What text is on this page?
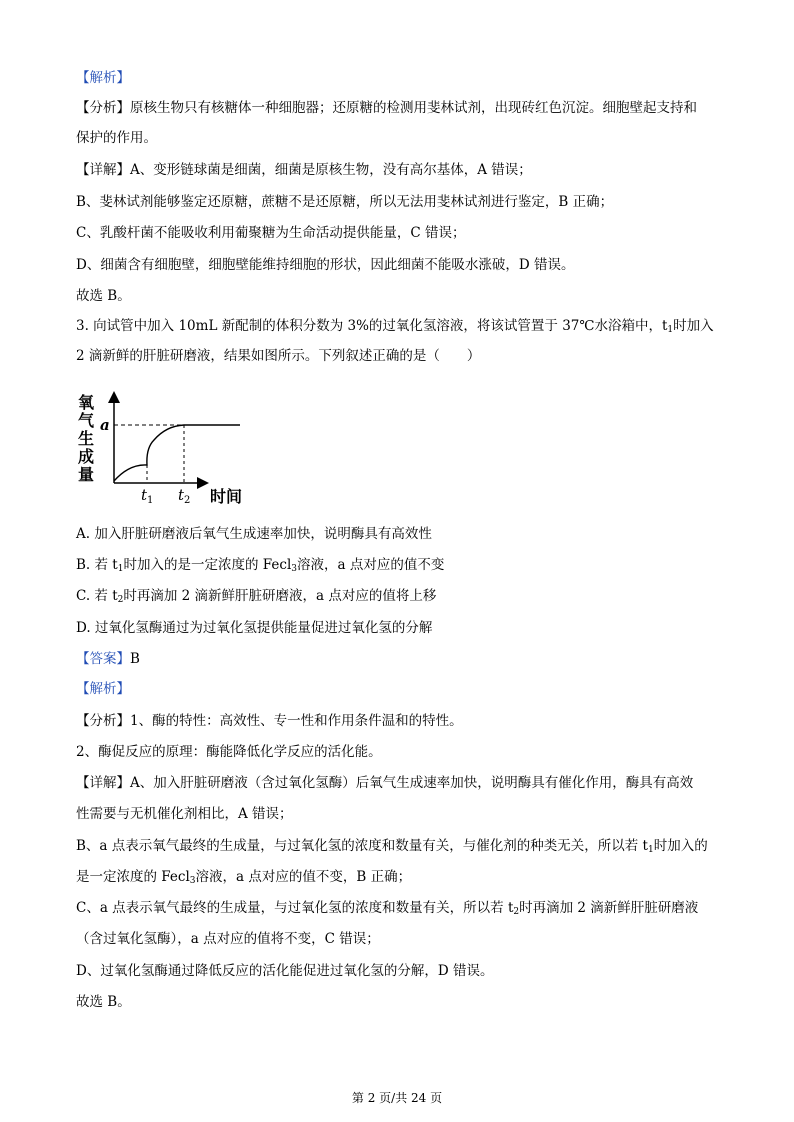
【解析】
【分析】原核生物只有核糖体一种细胞器；还原糖的检测用斐林试剂，出现砖红色沉淀。细胞壁起支持和
保护的作用。
【详解】A、变形链球菌是细菌，细菌是原核生物，没有高尔基体，A 错误；
B、斐林试剂能够鉴定还原糖，蔗糖不是还原糖，所以无法用斐林试剂进行鉴定，B 正确；
C、乳酸杆菌不能吸收利用葡聚糖为生命活动提供能量，C 错误；
D、细菌含有细胞壁，细胞壁能维持细胞的形状，因此细菌不能吸水涨破，D 错误。
故选 B。
3. 向试管中加入 10mL 新配制的体积分数为 3%的过氧化氢溶液，将该试管置于 37℃水浴箱中，$t_1$时加入
2 滴新鲜的肝脏研磨液，结果如图所示。下列叙述正确的是（　　）
氧
气
生
成
量
a
$t_1$ $t_2$ 时间
A. 加入肝脏研磨液后氧气生成速率加快，说明酶具有高效性
B. 若 $t_1$时加入的是一定浓度的 Fecl$_3$溶液，a 点对应的值不变
C. 若 $t_2$时再滴加 2 滴新鲜肝脏研磨液，a 点对应的值将上移
D. 过氧化氢酶通过为过氧化氢提供能量促进过氧化氢的分解
【答案】B
【解析】
【分析】1、酶的特性：高效性、专一性和作用条件温和的特性。
2、酶促反应的原理：酶能降低化学反应的活化能。
【详解】A、加入肝脏研磨液（含过氧化氢酶）后氧气生成速率加快，说明酶具有催化作用，酶具有高效
性需要与无机催化剂相比，A 错误；
B、a 点表示氧气最终的生成量，与过氧化氢的浓度和数量有关，与催化剂的种类无关，所以若 $t_1$时加入的
是一定浓度的 Fecl$_3$溶液，a 点对应的值不变，B 正确；
C、a 点表示氧气最终的生成量，与过氧化氢的浓度和数量有关，所以若 $t_2$时再滴加 2 滴新鲜肝脏研磨液
（含过氧化氢酶），a 点对应的值将不变，C 错误；
D、过氧化氢酶通过降低反应的活化能促进过氧化氢的分解，D 错误。
故选 B。
第 2 页/共 24 页
